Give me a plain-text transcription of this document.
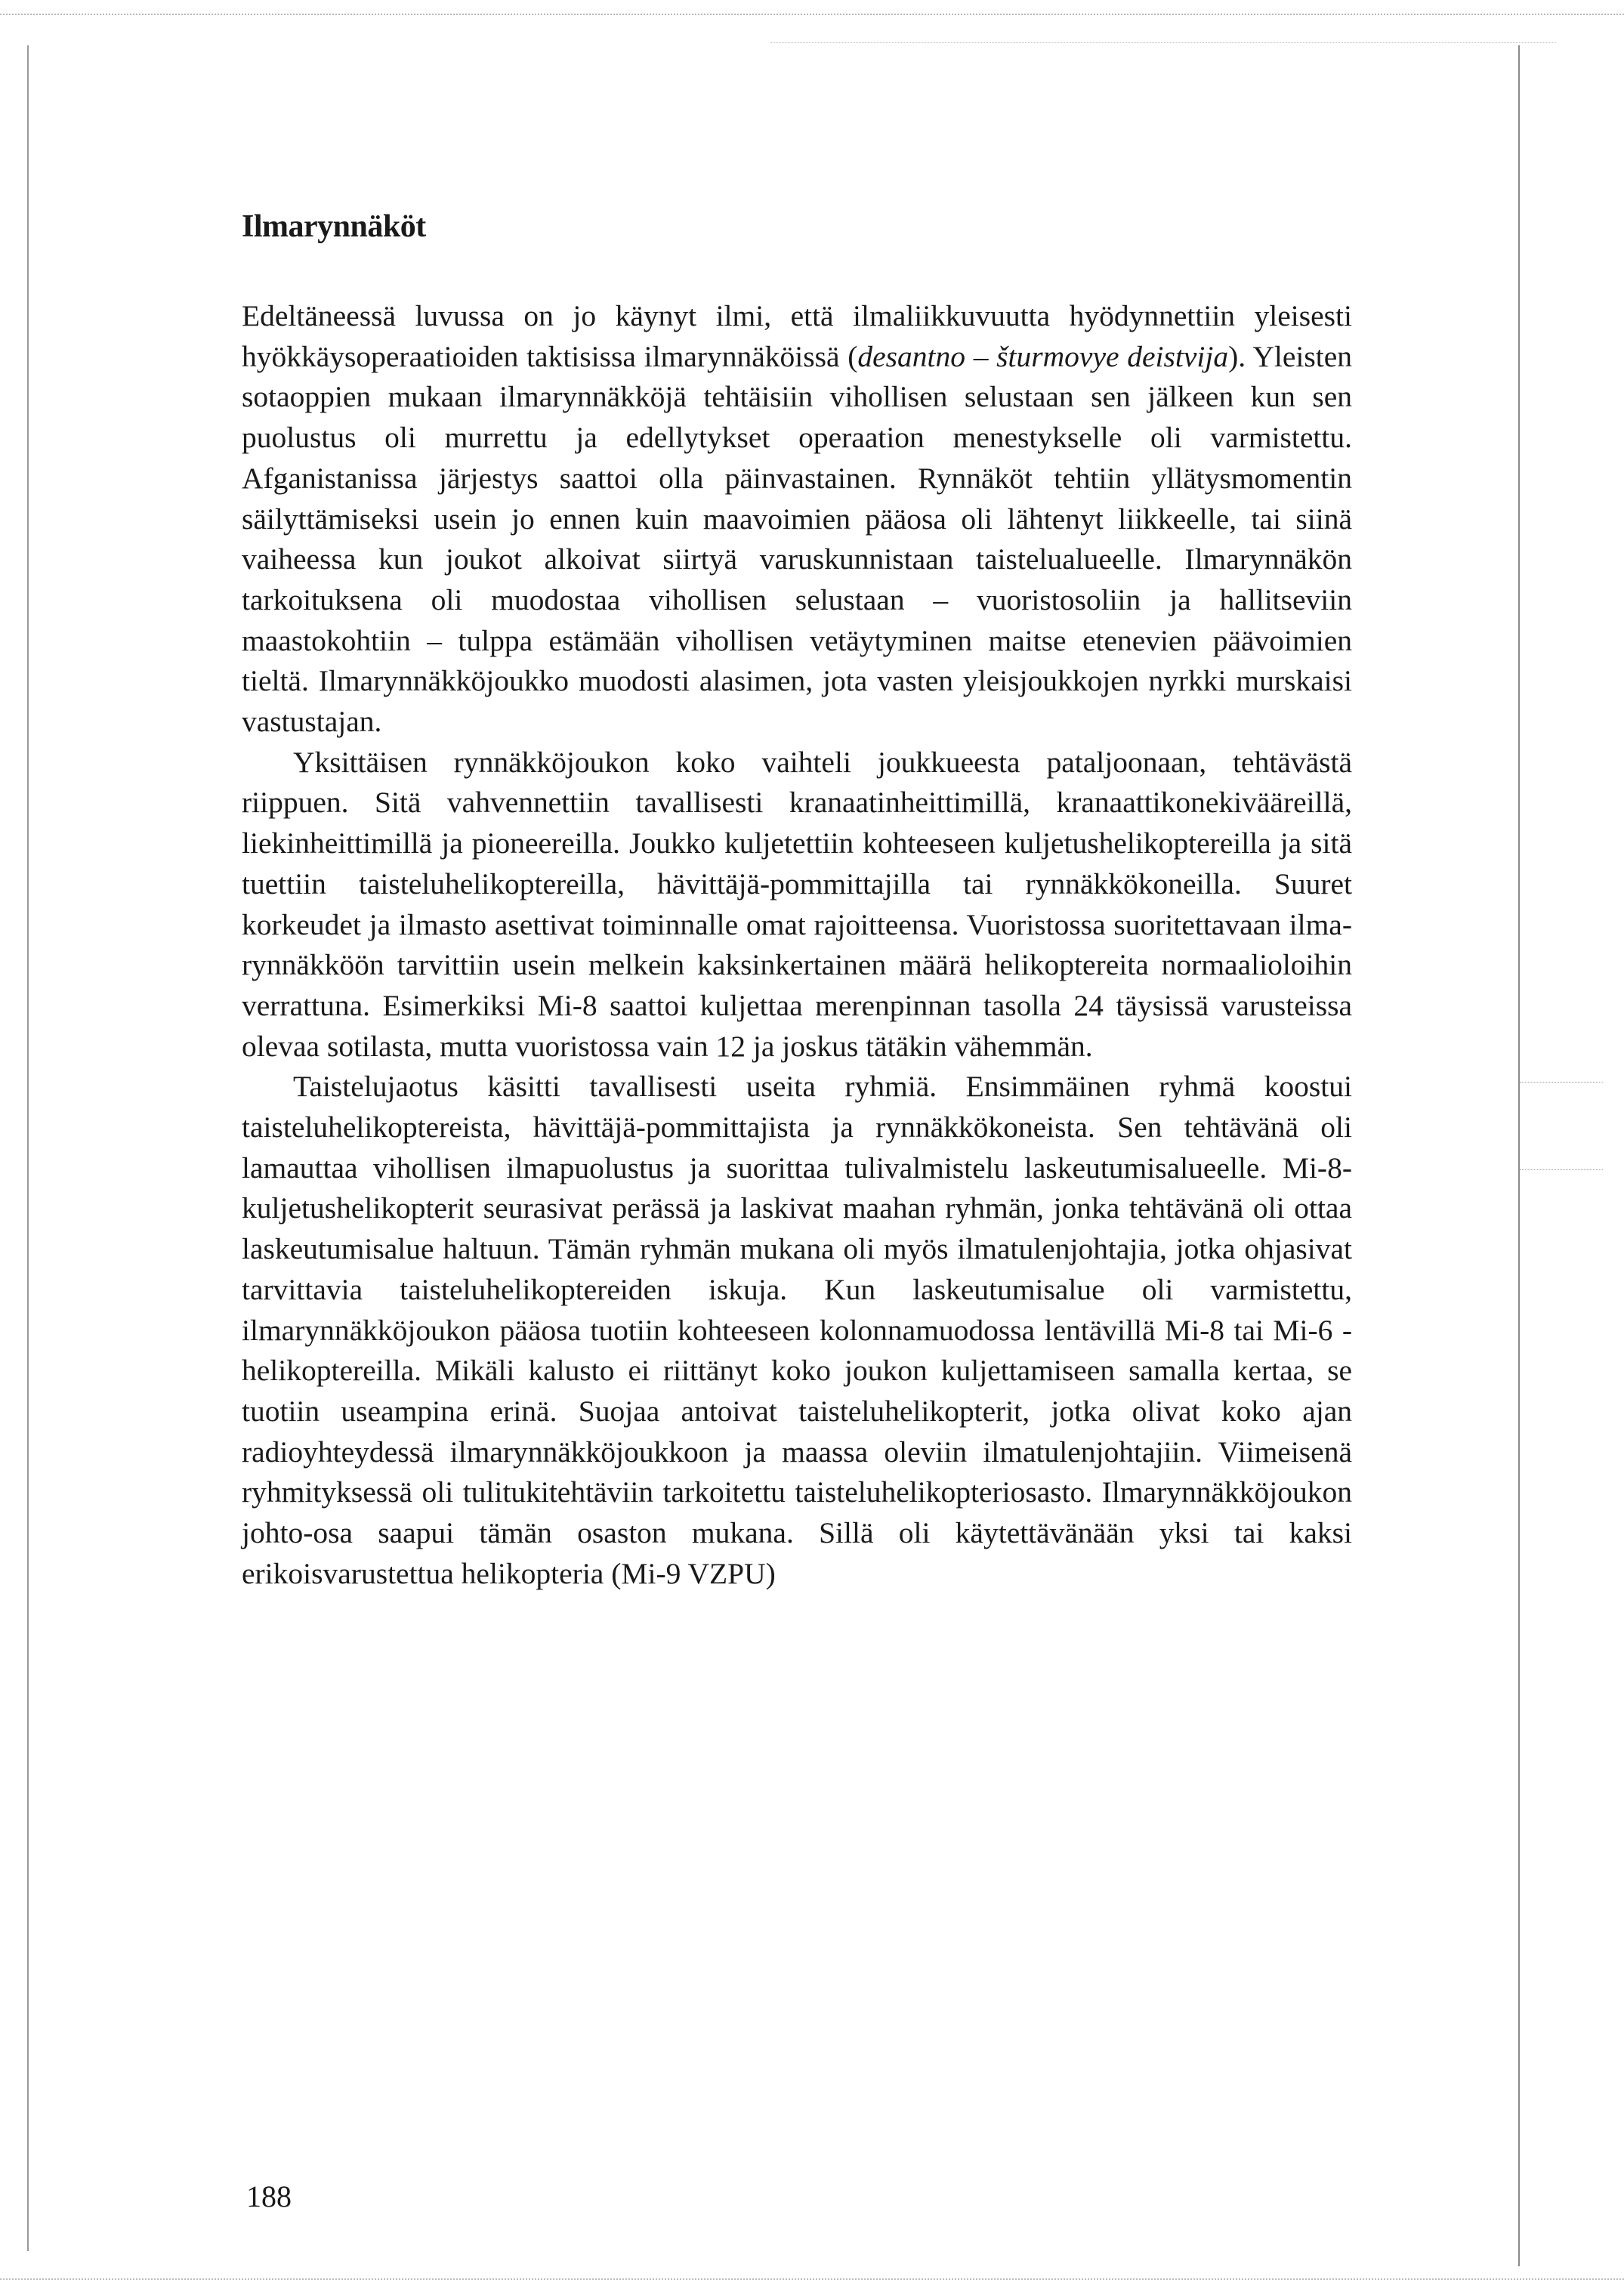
Ilmarynnäköt

Edeltäneessä luvussa on jo käynyt ilmi, että ilmaliikkuvuutta hyödynnettiin yleisesti hyökkäysoperaatioiden taktisissa ilmarynnäköissä (desantno – šturmovye deistvija). Yleisten sotaoppien mukaan ilmarynnäkköjä tehtäisiin vihollisen selustaan sen jälkeen kun sen puolustus oli murrettu ja edellytykset operaation menestykselle oli varmistettu. Afganistanissa järjestys saattoi olla päinvastainen. Rynnäköt tehtiin yllätysmomentin säilyttämiseksi usein jo ennen kuin maavoimien pääosa oli lähtenyt liikkeelle, tai siinä vaiheessa kun joukot alkoivat siirtyä varuskunnistaan taistelualueelle. Ilmarynnäkön tarkoituksena oli muodostaa vihollisen selustaan – vuoristosoliin ja hallitseviin maastokohtiin – tulppa estämään vihollisen vetäytyminen maitse etenevien päävoimien tieltä. Ilmarynnäkköjoukko muodosti alasimen, jota vasten yleisjoukkojen nyrkki murskaisi vastustajan.

Yksittäisen rynnäkköjoukon koko vaihteli joukkueesta pataljoonaan, tehtävästä riippuen. Sitä vahvennettiin tavallisesti kranaatinheittimillä, kranaattikonekivääreillä, liekinheittimillä ja pioneereilla. Joukko kuljetettiin kohteeseen kuljetushelikoptereilla ja sitä tuettiin taisteluhelikoptereilla, hävittäjä-pommittajilla tai rynnäkkökoneilla. Suuret korkeudet ja ilmasto asettivat toiminnalle omat rajoitteensa. Vuoristossa suoritettavaan ilmarynnäkköön tarvittiin usein melkein kaksinkertainen määrä helikoptereita normaalioloihin verrattuna. Esimerkiksi Mi-8 saattoi kuljettaa merenpinnan tasolla 24 täysissä varusteissa olevaa sotilasta, mutta vuoristossa vain 12 ja joskus tätäkin vähemmän.

Taistelujaotus käsitti tavallisesti useita ryhmiä. Ensimmäinen ryhmä koostui taisteluhelikoptereista, hävittäjä-pommittajista ja rynnäkkökoneista. Sen tehtävänä oli lamauttaa vihollisen ilmapuolustus ja suorittaa tulivalmistelu laskeutumisalueelle. Mi-8-kuljetushelikopterit seurasivat perässä ja laskivat maahan ryhmän, jonka tehtävänä oli ottaa laskeutumisalue haltuun. Tämän ryhmän mukana oli myös ilmatulenjohtajia, jotka ohjasivat tarvittavia taisteluhelikoptereiden iskuja. Kun laskeutumisalue oli varmistettu, ilmarynnäkköjoukon pääosa tuotiin kohteeseen kolonnamuodossa lentävillä Mi-8 tai Mi-6 -helikoptereilla. Mikäli kalusto ei riittänyt koko joukon kuljettamiseen samalla kertaa, se tuotiin useampina erinä. Suojaa antoivat taisteluhelikopterit, jotka olivat koko ajan radioyhteydessä ilmarynnäkköjoukkoon ja maassa oleviin ilmatulenjohtajiin. Viimeisenä ryhmityksessä oli tulitukitehtäviin tarkoitettu taisteluhelikopteriosasto. Ilmarynnäkköjoukon johto-osa saapui tämän osaston mukana. Sillä oli käytettävänään yksi tai kaksi erikoisvarustettua helikopteria (Mi-9 VZPU)

188
